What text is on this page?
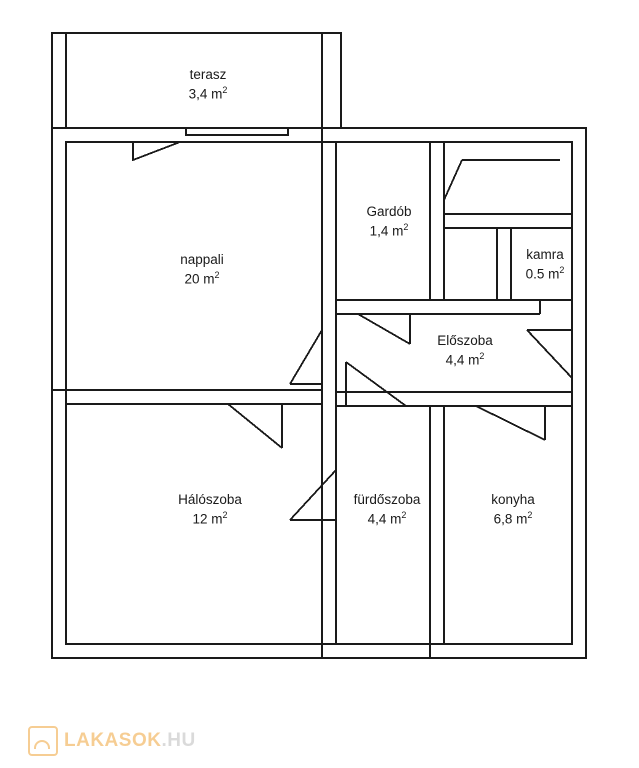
terasz
3,4 $m^2$
nappali
20 $m^2$
Gardób
1,4 $m^2$
kamra
0.5 $m^2$
Előszoba
4,4 $m^2$
Hálószoba
12 $m^2$
fürdőszoba
4,4 $m^2$
konyha
6,8 $m^2$
LAKASOK.HU
